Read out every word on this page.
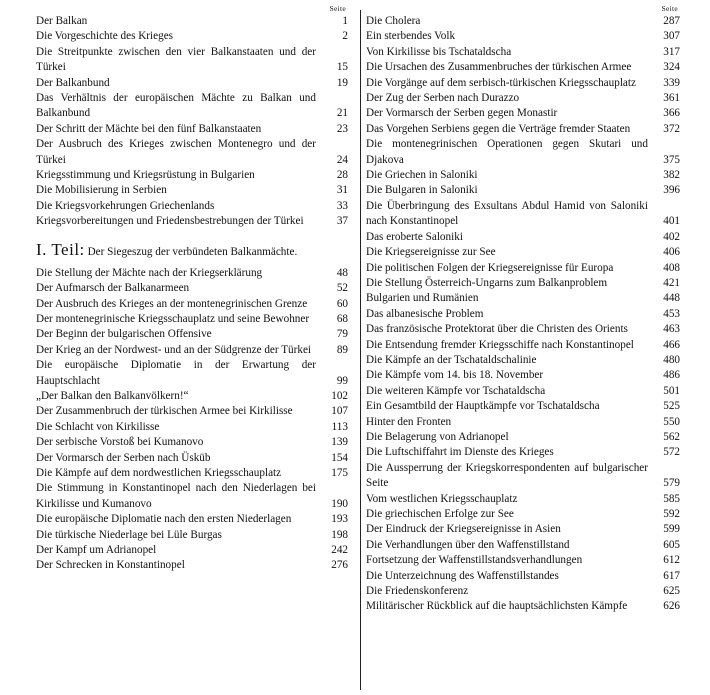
Seite
Der Balkan	1
Die Vorgeschichte des Krieges	2
Die Streitpunkte zwischen den vier Balkanstaaten und der Türkei	15
Der Balkanbund	19
Das Verhältnis der europäischen Mächte zu Balkan und Balkanbund	21
Der Schritt der Mächte bei den fünf Balkanstaaten	23
Der Ausbruch des Krieges zwischen Montenegro und der Türkei	24
Kriegsstimmung und Kriegsrüstung in Bulgarien	28
Die Mobilisierung in Serbien	31
Die Kriegsvorkehrungen Griechenlands	33
Kriegsvorbereitungen und Friedensbestrebungen der Türkei	37
I. Teil: Der Siegeszug der verbündeten Balkanmächte.
Die Stellung der Mächte nach der Kriegserklärung	48
Der Aufmarsch der Balkanarmeen	52
Der Ausbruch des Krieges an der montenegrinischen Grenze	60
Der montenegrinische Kriegsschauplatz und seine Bewohner	68
Der Beginn der bulgarischen Offensive	79
Der Krieg an der Nordwest- und an der Südgrenze der Türkei	89
Die europäische Diplomatie in der Erwartung der Hauptschlacht	99
„Der Balkan den Balkanvölkern!“	102
Der Zusammenbruch der türkischen Armee bei Kirkilisse	107
Die Schlacht von Kirkilisse	113
Der serbische Vorstoß bei Kumanovo	139
Der Vormarsch der Serben nach Üsküb	154
Die Kämpfe auf dem nordwestlichen Kriegsschauplatz	175
Die Stimmung in Konstantinopel nach den Niederlagen bei Kirkilisse und Kumanovo	190
Die europäische Diplomatie nach den ersten Niederlagen	193
Die türkische Niederlage bei Lüle Burgas	198
Der Kampf um Adrianopel	242
Der Schrecken in Konstantinopel	276
Seite
Die Cholera	287
Ein sterbendes Volk	307
Von Kirkilisse bis Tschataldscha	317
Die Ursachen des Zusammenbruches der türkischen Armee	324
Die Vorgänge auf dem serbisch-türkischen Kriegsschauplatz	339
Der Zug der Serben nach Durazzo	361
Der Vormarsch der Serben gegen Monastir	366
Das Vorgehen Serbiens gegen die Verträge fremder Staaten	372
Die montenegrinischen Operationen gegen Skutari und Djakova	375
Die Griechen in Saloniki	382
Die Bulgaren in Saloniki	396
Die Überbringung des Exsultans Abdul Hamid von Saloniki nach Konstantinopel	401
Das eroberte Saloniki	402
Die Kriegsereignisse zur See	406
Die politischen Folgen der Kriegsereignisse für Europa	408
Die Stellung Österreich-Ungarns zum Balkanproblem	421
Bulgarien und Rumänien	448
Das albanesische Problem	453
Das französische Protektorat über die Christen des Orients	463
Die Entsendung fremder Kriegsschiffe nach Konstantinopel	466
Die Kämpfe an der Tschataldschalinie	480
Die Kämpfe vom 14. bis 18. November	486
Die weiteren Kämpfe vor Tschataldscha	501
Ein Gesamtbild der Hauptkämpfe vor Tschataldscha	525
Hinter den Fronten	550
Die Belagerung von Adrianopel	562
Die Luftschiffahrt im Dienste des Krieges	572
Die Aussperrung der Kriegskorrespondenten auf bulgarischer Seite	579
Vom westlichen Kriegsschauplatz	585
Die griechischen Erfolge zur See	592
Der Eindruck der Kriegsereignisse in Asien	599
Die Verhandlungen über den Waffenstillstand	605
Fortsetzung der Waffenstillstandsverhandlungen	612
Die Unterzeichnung des Waffenstillstandes	617
Die Friedenskonferenz	625
Militärischer Rückblick auf die hauptsächlichsten Kämpfe	626
